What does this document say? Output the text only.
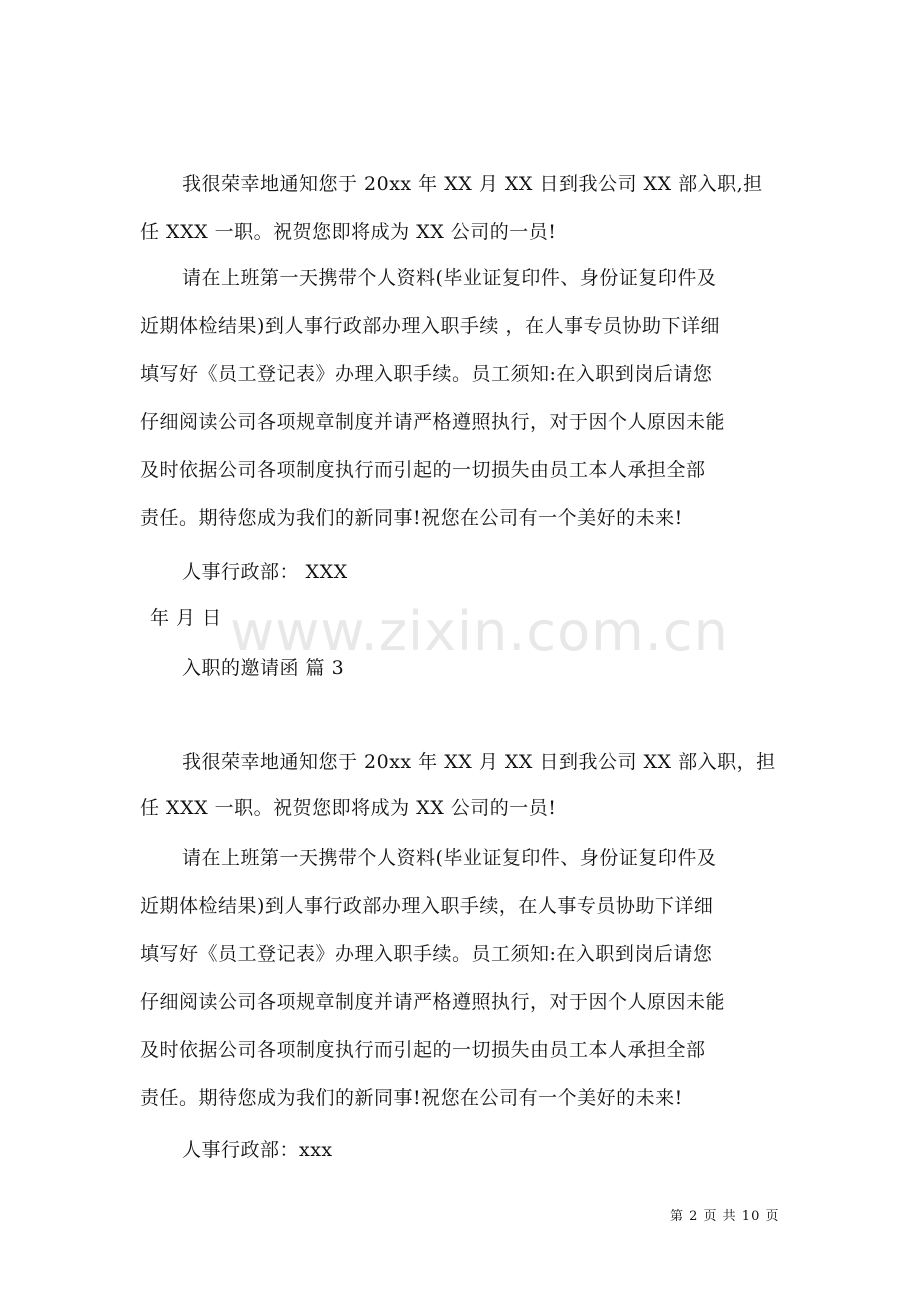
我很荣幸地通知您于 20xx 年 XX 月 XX 日到我公司 XX 部入职,担
任 XXX 一职。祝贺您即将成为 XX 公司的一员!
请在上班第一天携带个人资料(毕业证复印件、身份证复印件及
近期体检结果)到人事行政部办理入职手续 ，在人事专员协助下详细
填写好《员工登记表》办理入职手续。员工须知:在入职到岗后请您
仔细阅读公司各项规章制度并请严格遵照执行，对于因个人原因未能
及时依据公司各项制度执行而引起的一切损失由员工本人承担全部
责任。期待您成为我们的新同事!祝您在公司有一个美好的未来!
人事行政部： XXX
年 月 日
入职的邀请函 篇 3
我很荣幸地通知您于 20xx 年 XX 月 XX 日到我公司 XX 部入职，担
任 XXX 一职。祝贺您即将成为 XX 公司的一员!
请在上班第一天携带个人资料(毕业证复印件、身份证复印件及
近期体检结果)到人事行政部办理入职手续，在人事专员协助下详细
填写好《员工登记表》办理入职手续。员工须知:在入职到岗后请您
仔细阅读公司各项规章制度并请严格遵照执行，对于因个人原因未能
及时依据公司各项制度执行而引起的一切损失由员工本人承担全部
责任。期待您成为我们的新同事!祝您在公司有一个美好的未来!
人事行政部：xxx
www.zixin.com.cn
第 2 页 共 10 页
